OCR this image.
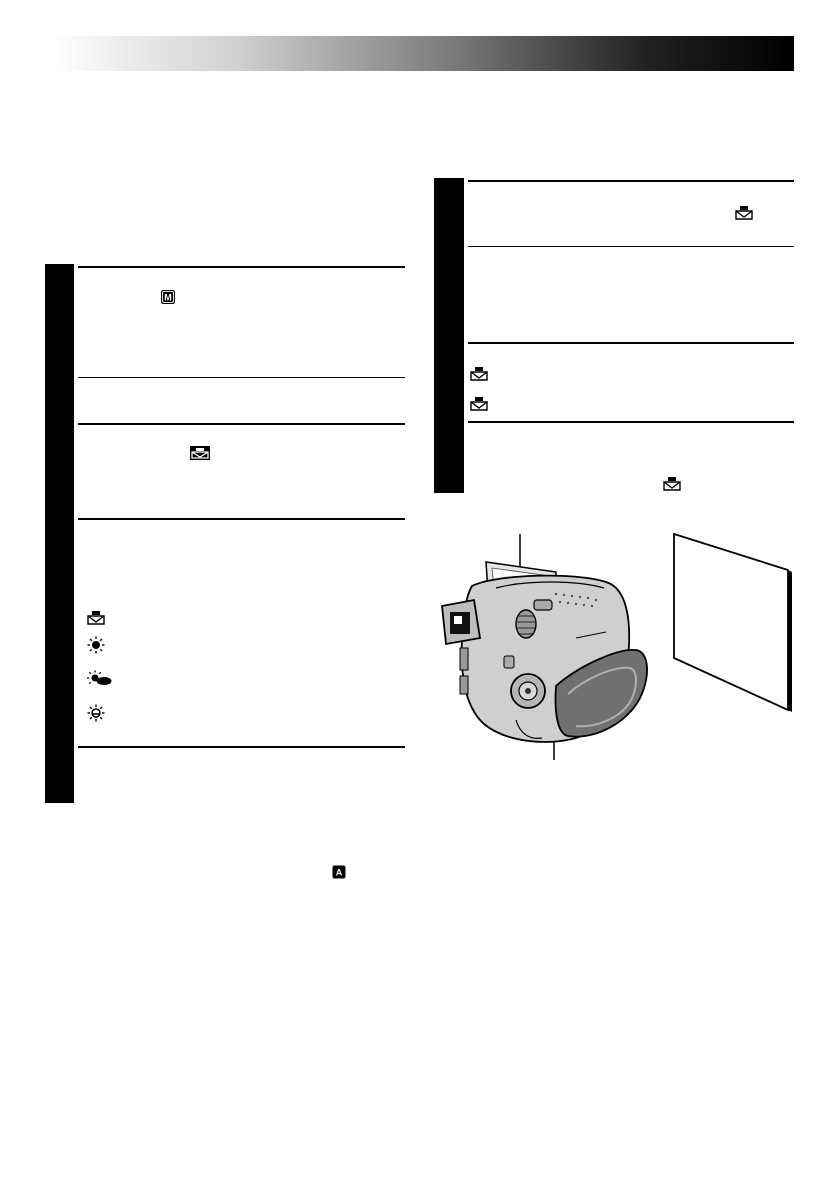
M
A
